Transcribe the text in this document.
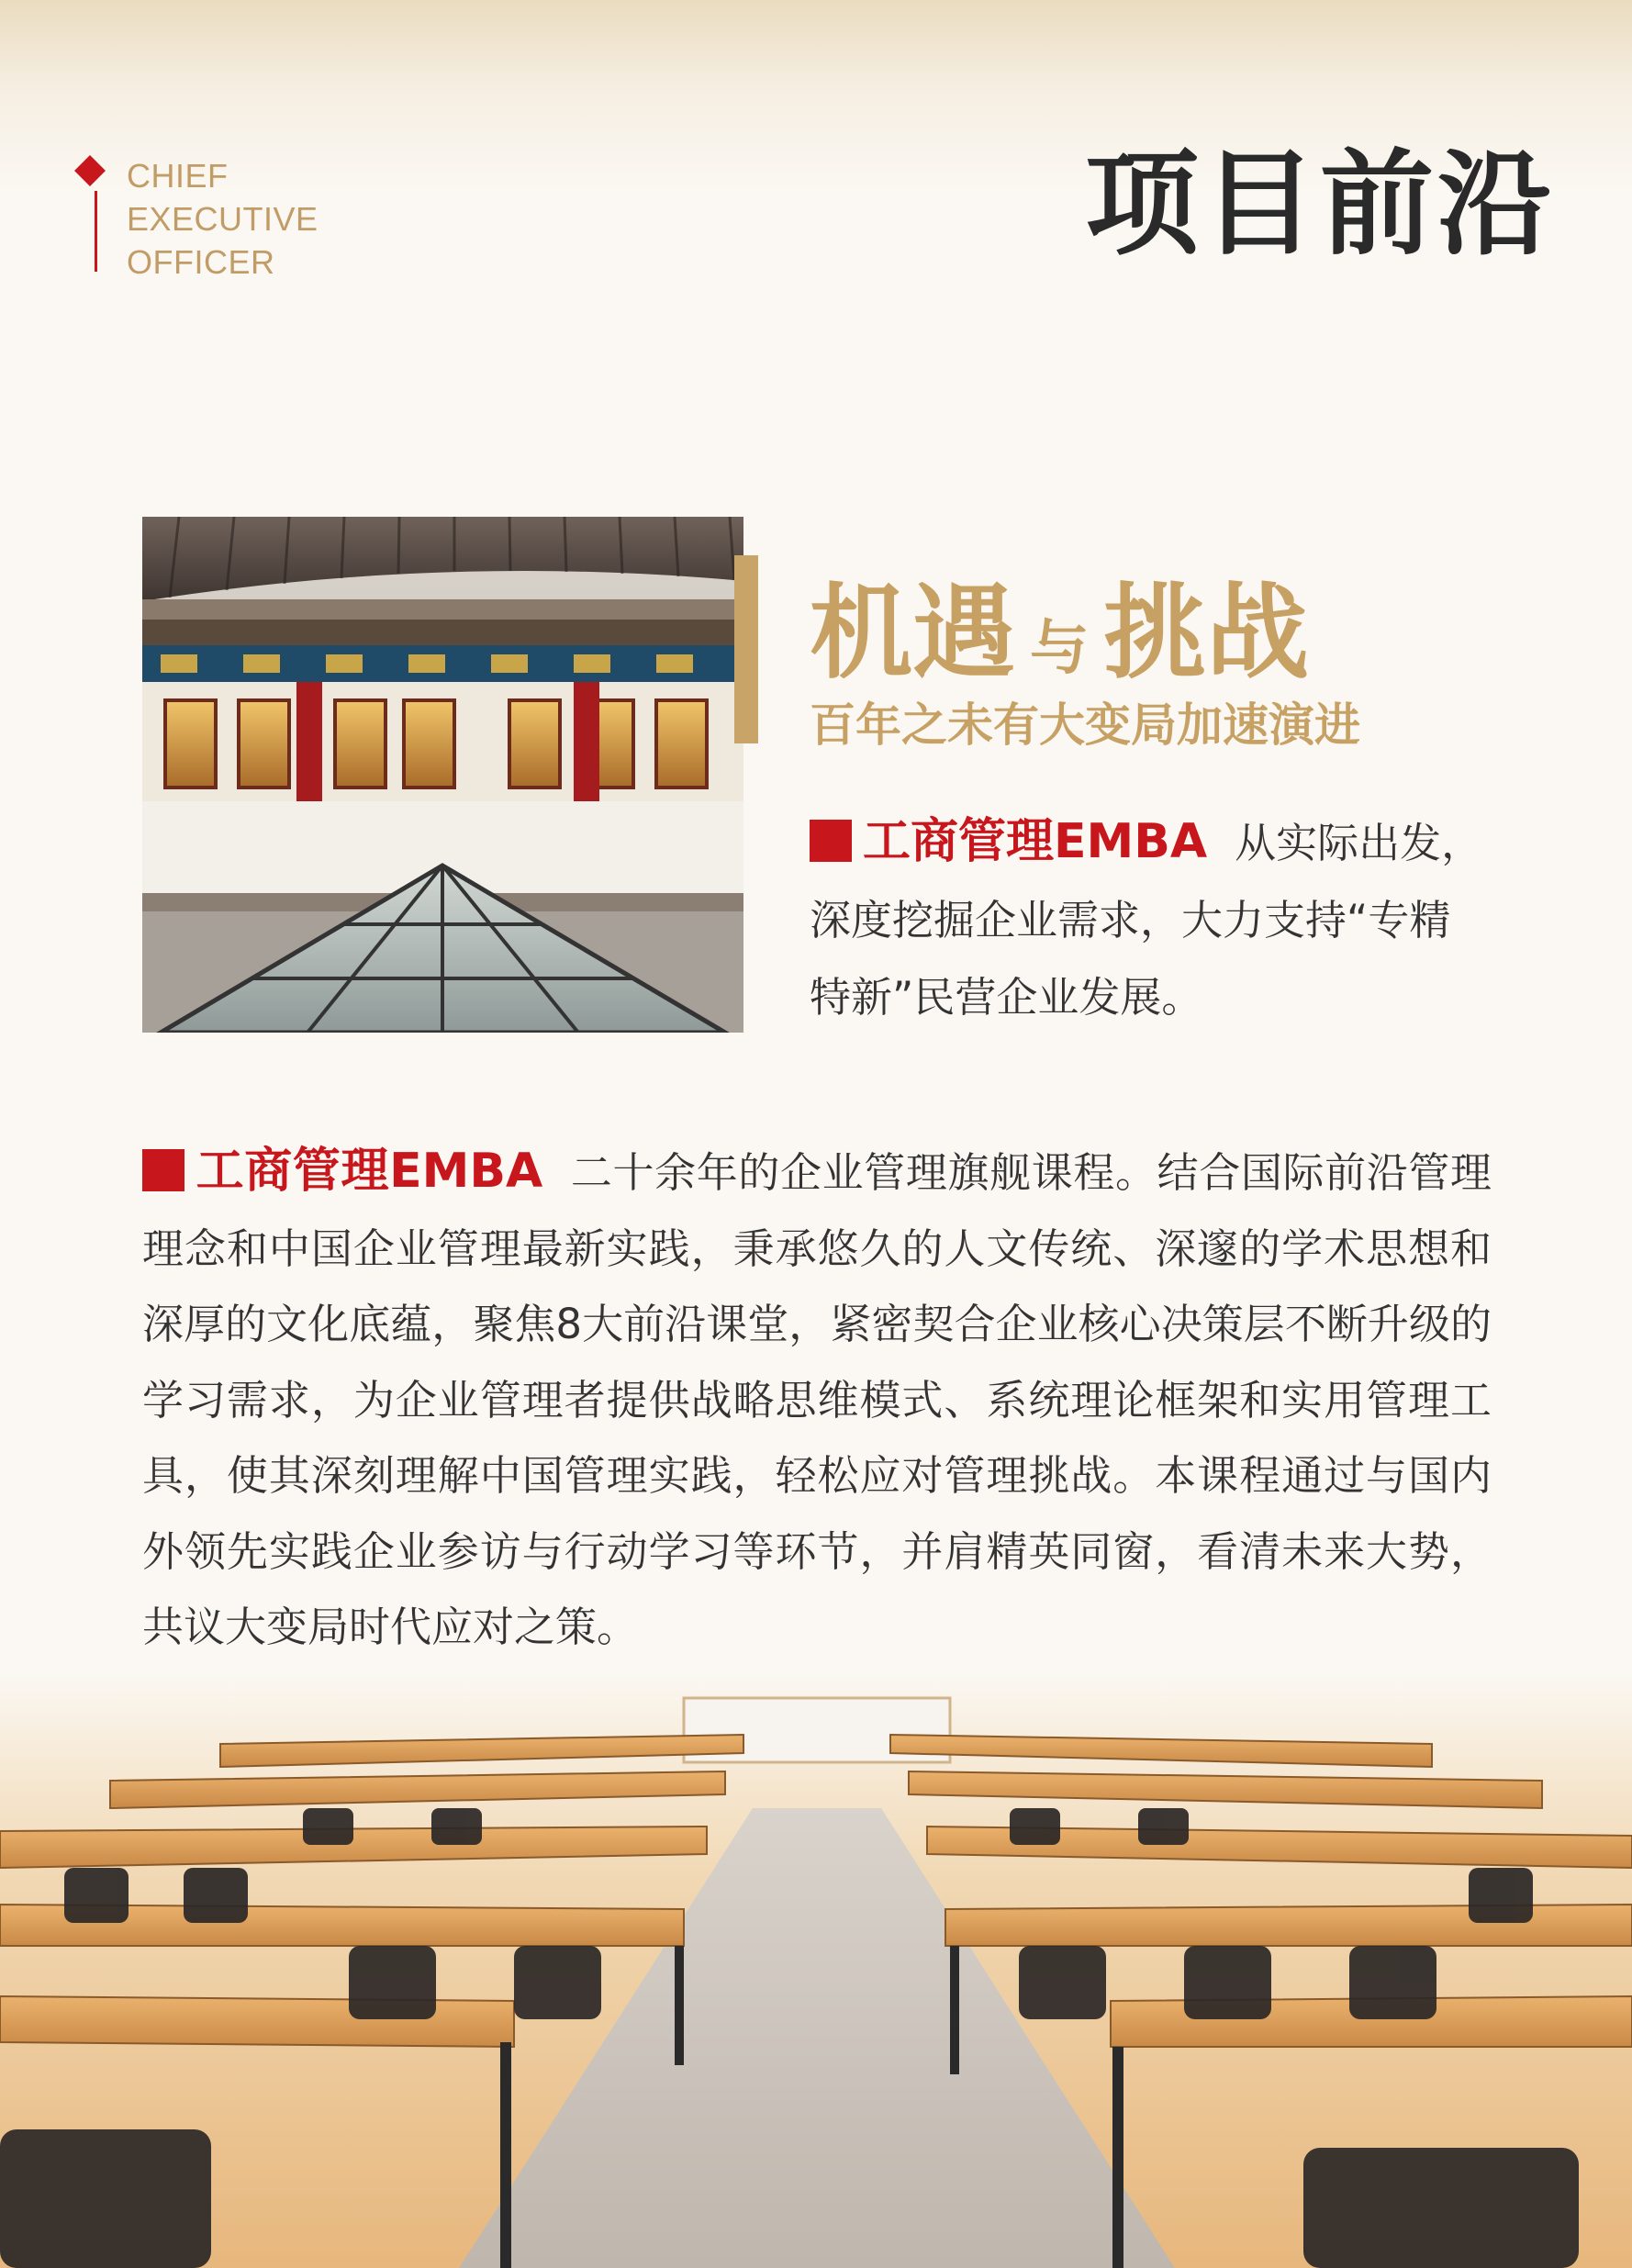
CHIEF
EXECUTIVE
OFFICER	项目前沿
机遇 与 挑战
百年之未有大变局加速演进
工商管理EMBA 从实际出发，深度挖掘企业需求，大力支持“专精特新”民营企业发展。
工商管理EMBA 二十余年的企业管理旗舰课程。结合国际前沿管理理念和中国企业管理最新实践，秉承悠久的人文传统、深邃的学术思想和深厚的文化底蕴，聚焦8大前沿课堂，紧密契合企业核心决策层不断升级的学习需求，为企业管理者提供战略思维模式、系统理论框架和实用管理工具，使其深刻理解中国管理实践，轻松应对管理挑战。本课程通过与国内外领先实践企业参访与行动学习等环节，并肩精英同窗，看清未来大势，共议大变局时代应对之策。
